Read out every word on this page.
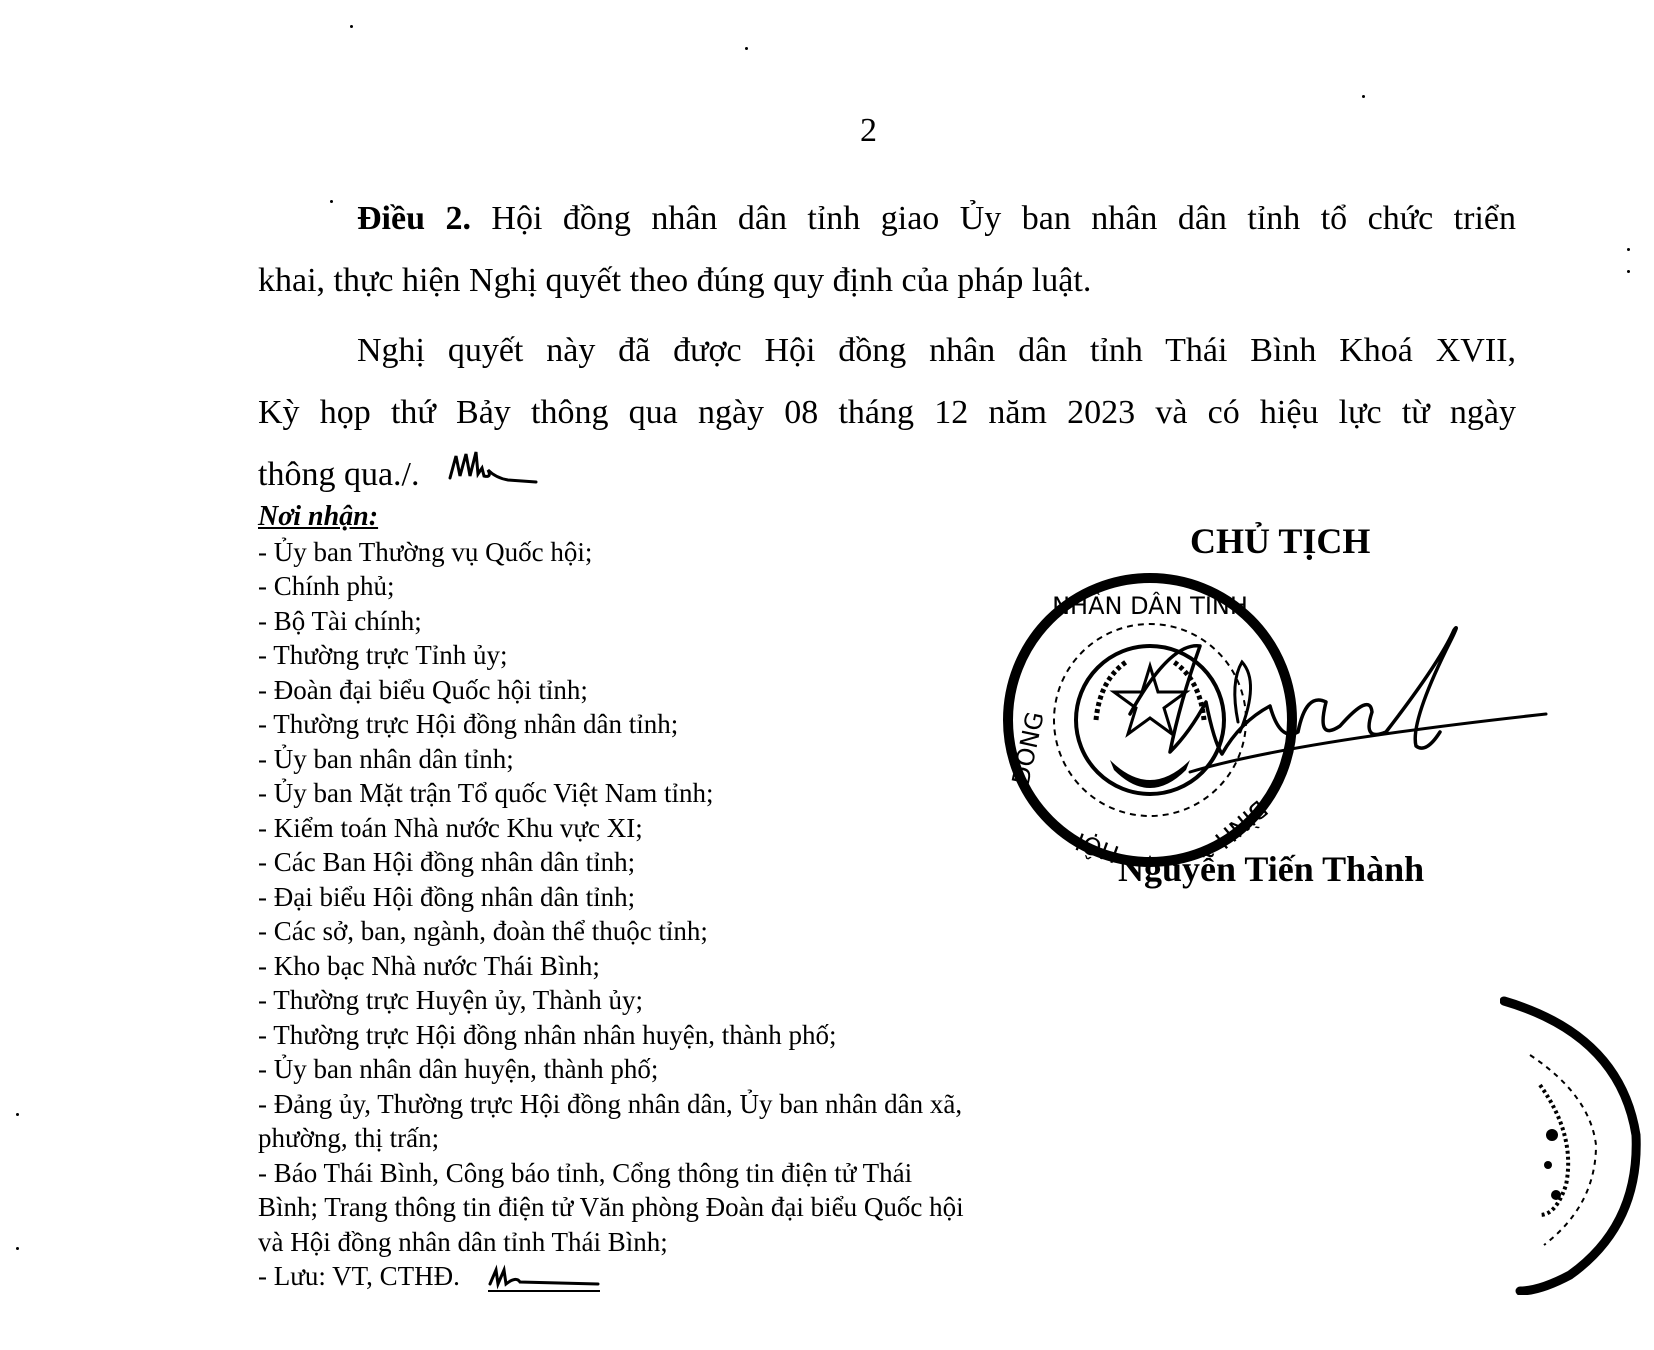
2
Điều 2. Hội đồng nhân dân tỉnh giao Ủy ban nhân dân tỉnh tổ chức triển
khai, thực hiện Nghị quyết theo đúng quy định của pháp luật.
Nghị quyết này đã được Hội đồng nhân dân tỉnh Thái Bình Khoá XVII,
Kỳ họp thứ Bảy thông qua ngày 08 tháng 12 năm 2023 và có hiệu lực từ ngày
thông qua./.
Nơi nhận:
- Ủy ban Thường vụ Quốc hội;
- Chính phủ;
- Bộ Tài chính;
- Thường trực Tỉnh ủy;
- Đoàn đại biểu Quốc hội tỉnh;
- Thường trực Hội đồng nhân dân tỉnh;
- Ủy ban nhân dân tỉnh;
- Ủy ban Mặt trận Tổ quốc Việt Nam tỉnh;
- Kiểm toán Nhà nước Khu vực XI;
- Các Ban Hội đồng nhân dân tỉnh;
- Đại biểu Hội đồng nhân dân tỉnh;
- Các sở, ban, ngành, đoàn thể thuộc tỉnh;
- Kho bạc Nhà nước Thái Bình;
- Thường trực Huyện ủy, Thành ủy;
- Thường trực Hội đồng nhân nhân huyện, thành phố;
- Ủy ban nhân dân huyện, thành phố;
- Đảng ủy, Thường trực Hội đồng nhân dân, Ủy ban nhân dân xã, phường, thị trấn;
- Báo Thái Bình, Công báo tỉnh, Cổng thông tin điện tử Thái Bình; Trang thông tin điện tử Văn phòng Đoàn đại biểu Quốc hội và Hội đồng nhân dân tỉnh Thái Bình;
- Lưu: VT, CTHĐ.
CHỦ TỊCH
NHÂN DÂN TỈNH
ĐỒNG
HỘI	BÌNH
Nguyễn Tiến Thành
